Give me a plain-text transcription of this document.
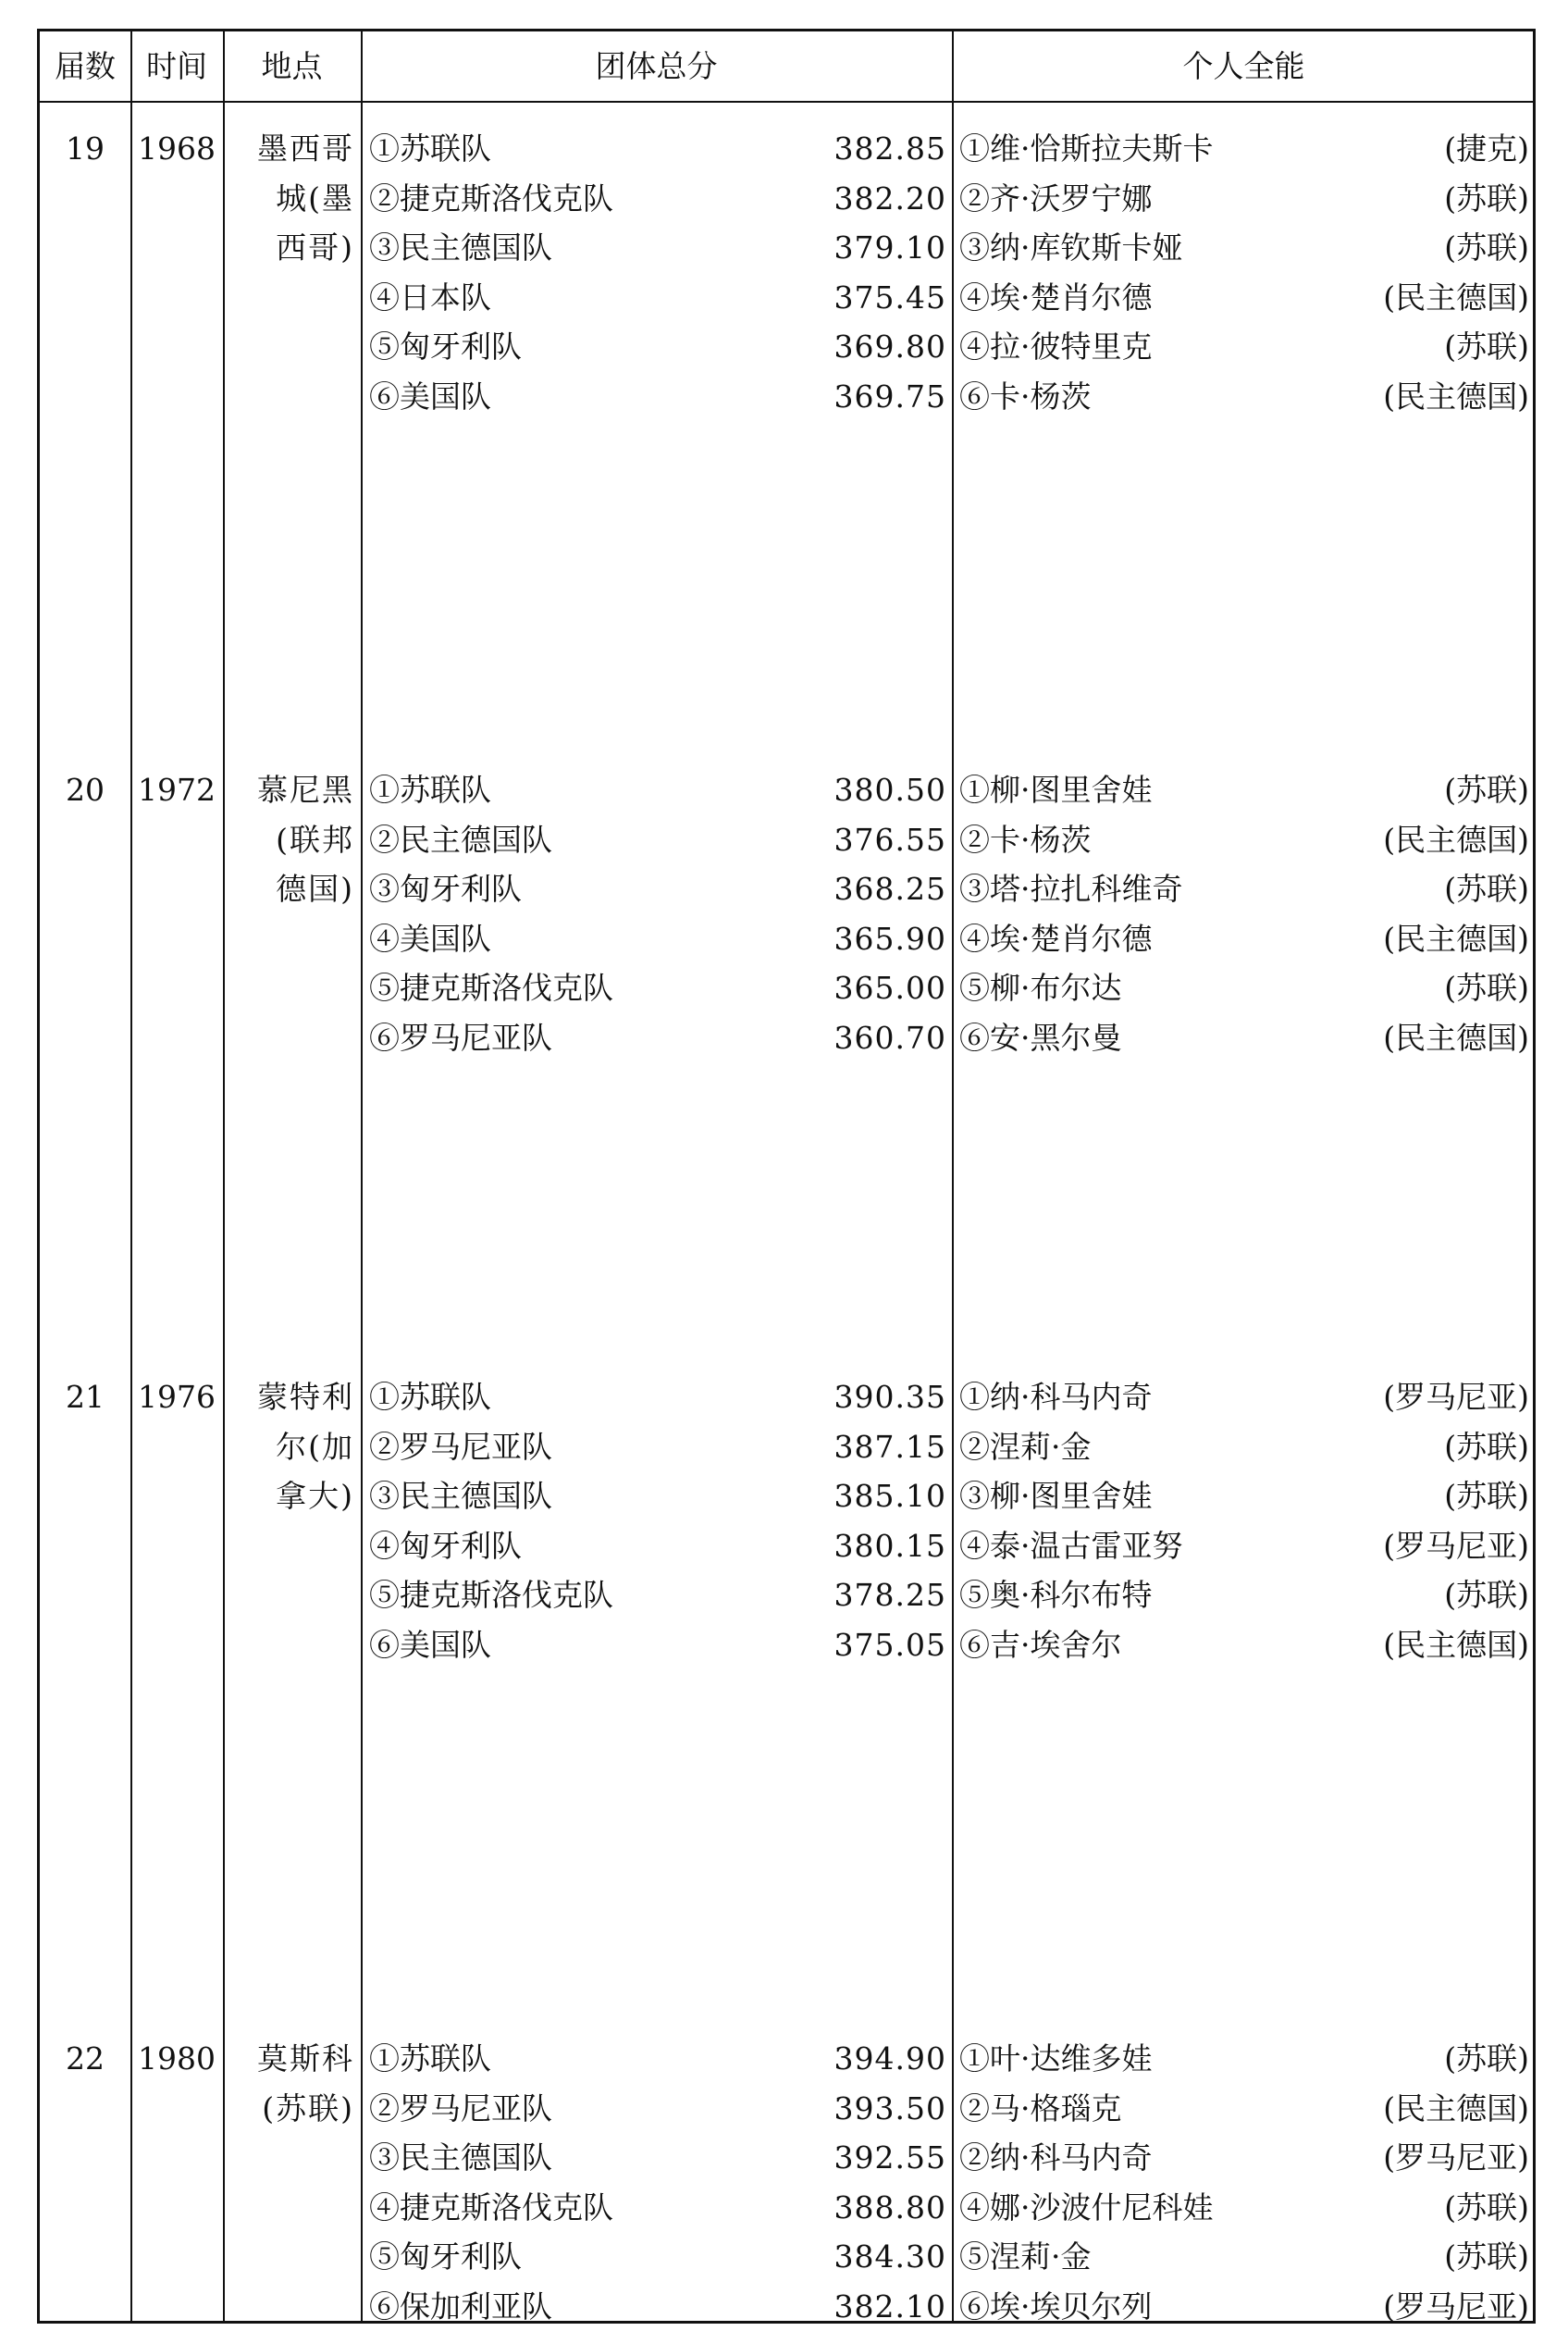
届数	时间	地点	团体总分	个人全能
19	1968	墨西哥
城(墨
西哥)
①苏联队	382.85
②捷克斯洛伐克队	382.20
③民主德国队	379.10
④日本队	375.45
⑤匈牙利队	369.80
⑥美国队	369.75
①维·恰斯拉夫斯卡	(捷克)
②齐·沃罗宁娜	(苏联)
③纳·库钦斯卡娅	(苏联)
④埃·楚肖尔德	(民主德国)
④拉·彼特里克	(苏联)
⑥卡·杨茨	(民主德国)
20	1972	慕尼黑
(联邦
德国)
①苏联队	380.50
②民主德国队	376.55
③匈牙利队	368.25
④美国队	365.90
⑤捷克斯洛伐克队	365.00
⑥罗马尼亚队	360.70
①柳·图里舍娃	(苏联)
②卡·杨茨	(民主德国)
③塔·拉扎科维奇	(苏联)
④埃·楚肖尔德	(民主德国)
⑤柳·布尔达	(苏联)
⑥安·黑尔曼	(民主德国)
21	1976	蒙特利
尔(加
拿大)
①苏联队	390.35
②罗马尼亚队	387.15
③民主德国队	385.10
④匈牙利队	380.15
⑤捷克斯洛伐克队	378.25
⑥美国队	375.05
①纳·科马内奇	(罗马尼亚)
②涅莉·金	(苏联)
③柳·图里舍娃	(苏联)
④泰·温古雷亚努	(罗马尼亚)
⑤奥·科尔布特	(苏联)
⑥吉·埃舍尔	(民主德国)
22	1980	莫斯科
(苏联)
①苏联队	394.90
②罗马尼亚队	393.50
③民主德国队	392.55
④捷克斯洛伐克队	388.80
⑤匈牙利队	384.30
⑥保加利亚队	382.10
①叶·达维多娃	(苏联)
②马·格瑙克	(民主德国)
②纳·科马内奇	(罗马尼亚)
④娜·沙波什尼科娃	(苏联)
⑤涅莉·金	(苏联)
⑥埃·埃贝尔列	(罗马尼亚)
